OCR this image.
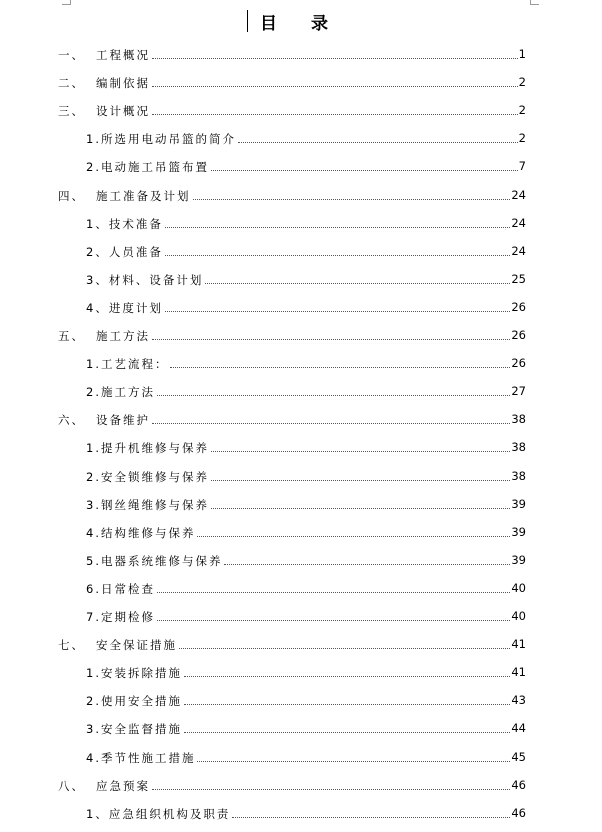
目 录
一、 工程概况	1
二、 编制依据	2
三、 设计概况	2
1.所选用电动吊篮的简介	2
2.电动施工吊篮布置	7
四、 施工准备及计划	24
1、技术准备	24
2、人员准备	24
3、材料、设备计划	25
4、进度计划	26
五、 施工方法	26
1.工艺流程：	26
2.施工方法	27
六、 设备维护	38
1.提升机维修与保养	38
2.安全锁维修与保养	38
3.钢丝绳维修与保养	39
4.结构维修与保养	39
5.电器系统维修与保养	39
6.日常检查	40
7.定期检修	40
七、 安全保证措施	41
1.安装拆除措施	41
2.使用安全措施	43
3.安全监督措施	44
4.季节性施工措施	45
八、 应急预案	46
1、应急组织机构及职责	46
